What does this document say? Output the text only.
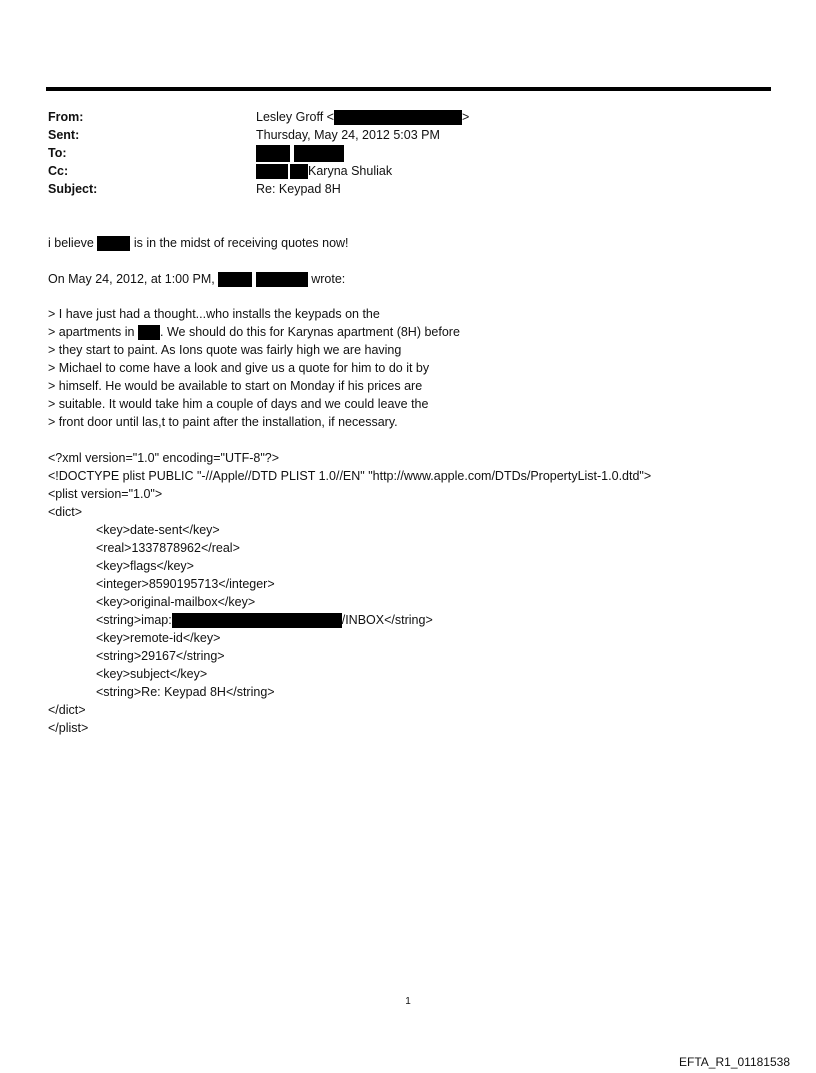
From:	Lesley Groff <	>
Sent:	Thursday, May 24, 2012 5:03 PM
To:
Cc:	Karyna Shuliak
Subject:	Re: Keypad 8H
i believe	is in the midst of receiving quotes now!
On May 24, 2012, at 1:00 PM,	wrote:
> I have just had a thought...who installs the keypads on the
> apartments in . We should do this for Karynas apartment (8H) before
> they start to paint. As Ions quote was fairly high we are having
> Michael to come have a look and give us a quote for him to do it by
> himself. He would be available to start on Monday if his prices are
> suitable. It would take him a couple of days and we could leave the
> front door until las,t to paint after the installation, if necessary.
<?xml version="1.0" encoding="UTF-8"?>
<!DOCTYPE plist PUBLIC "-//Apple//DTD PLIST 1.0//EN" "http://www.apple.com/DTDs/PropertyList-1.0.dtd">
<plist version="1.0">
<dict>
<key>date-sent</key>
<real>1337878962</real>
<key>flags</key>
<integer>8590195713</integer>
<key>original-mailbox</key>
<string>imap:	/INBOX</string>
<key>remote-id</key>
<string>29167</string>
<key>subject</key>
<string>Re: Keypad 8H</string>
</dict>
</plist>
1
EFTA_R1_01181538
